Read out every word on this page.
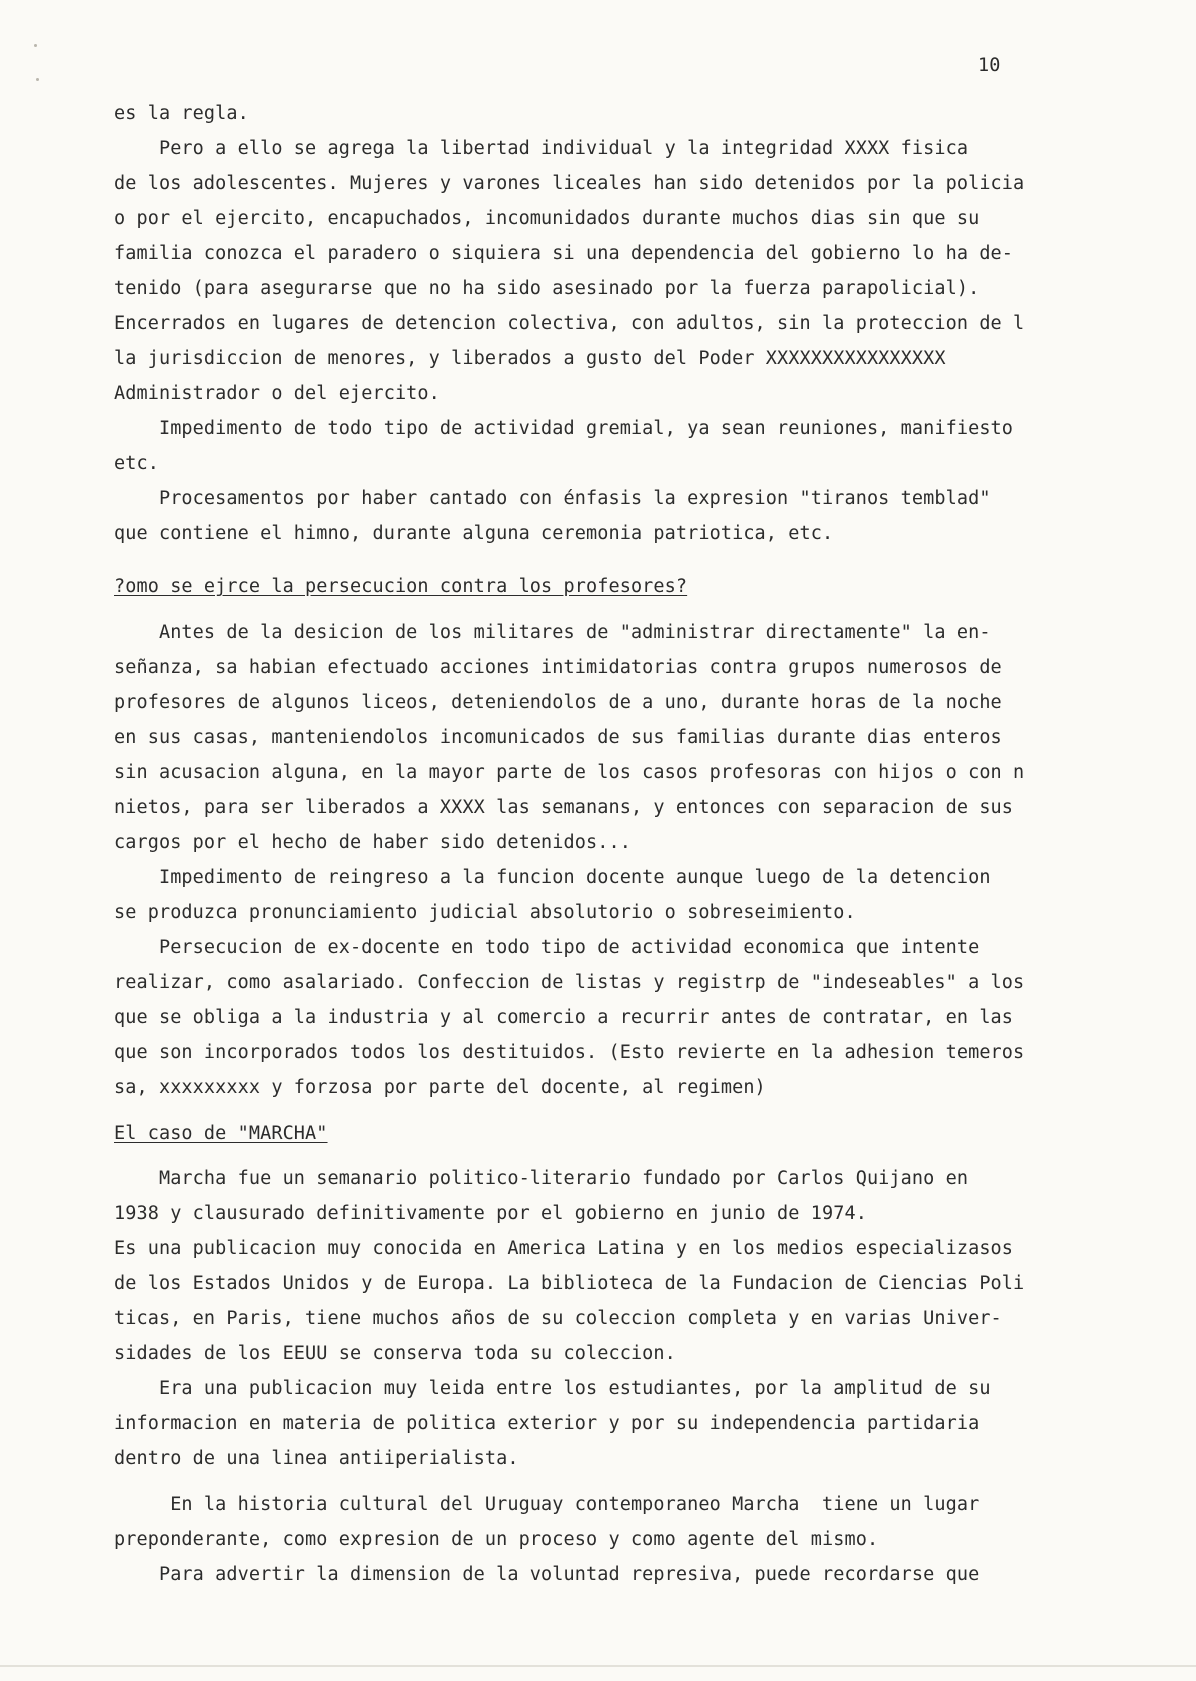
10
es la regla.
Pero a ello se agrega la libertad individual y la integridad XXXX fisica
de los adolescentes. Mujeres y varones liceales han sido detenidos por la policia
o por el ejercito, encapuchados, incomunidados durante muchos dias sin que su
familia conozca el paradero o siquiera si una dependencia del gobierno lo ha de-
tenido (para asegurarse que no ha sido asesinado por la fuerza parapolicial).
Encerrados en lugares de detencion colectiva, con adultos, sin la proteccion de l
la jurisdiccion de menores, y liberados a gusto del Poder XXXXXXXXXXXXXXXX
Administrador o del ejercito.
Impedimento de todo tipo de actividad gremial, ya sean reuniones, manifiesto
etc.
Procesamentos por haber cantado con énfasis la expresion "tiranos temblad"
que contiene el himno, durante alguna ceremonia patriotica, etc.
?omo se ejrce la persecucion contra los profesores?
Antes de la desicion de los militares de "administrar directamente" la en-
señanza, sa habian efectuado acciones intimidatorias contra grupos numerosos de
profesores de algunos liceos, deteniendolos de a uno, durante horas de la noche
en sus casas, manteniendolos incomunicados de sus familias durante dias enteros
sin acusacion alguna, en la mayor parte de los casos profesoras con hijos o con n
nietos, para ser liberados a XXXX las semanans, y entonces con separacion de sus
cargos por el hecho de haber sido detenidos...
Impedimento de reingreso a la funcion docente aunque luego de la detencion
se produzca pronunciamiento judicial absolutorio o sobreseimiento.
Persecucion de ex-docente en todo tipo de actividad economica que intente
realizar, como asalariado. Confeccion de listas y registrp de "indeseables" a los
que se obliga a la industria y al comercio a recurrir antes de contratar, en las
que son incorporados todos los destituidos. (Esto revierte en la adhesion temeros
sa, xxxxxxxxx y forzosa por parte del docente, al regimen)
El caso de "MARCHA"
Marcha fue un semanario politico-literario fundado por Carlos Quijano en
1938 y clausurado definitivamente por el gobierno en junio de 1974.
Es una publicacion muy conocida en America Latina y en los medios especializasos
de los Estados Unidos y de Europa. La biblioteca de la Fundacion de Ciencias Poli
ticas, en Paris, tiene muchos años de su coleccion completa y en varias Univer-
sidades de los EEUU se conserva toda su coleccion.
Era una publicacion muy leida entre los estudiantes, por la amplitud de su
informacion en materia de politica exterior y por su independencia partidaria
dentro de una linea antiiperialista.
En la historia cultural del Uruguay contemporaneo Marcha  tiene un lugar
preponderante, como expresion de un proceso y como agente del mismo.
Para advertir la dimension de la voluntad represiva, puede recordarse que
